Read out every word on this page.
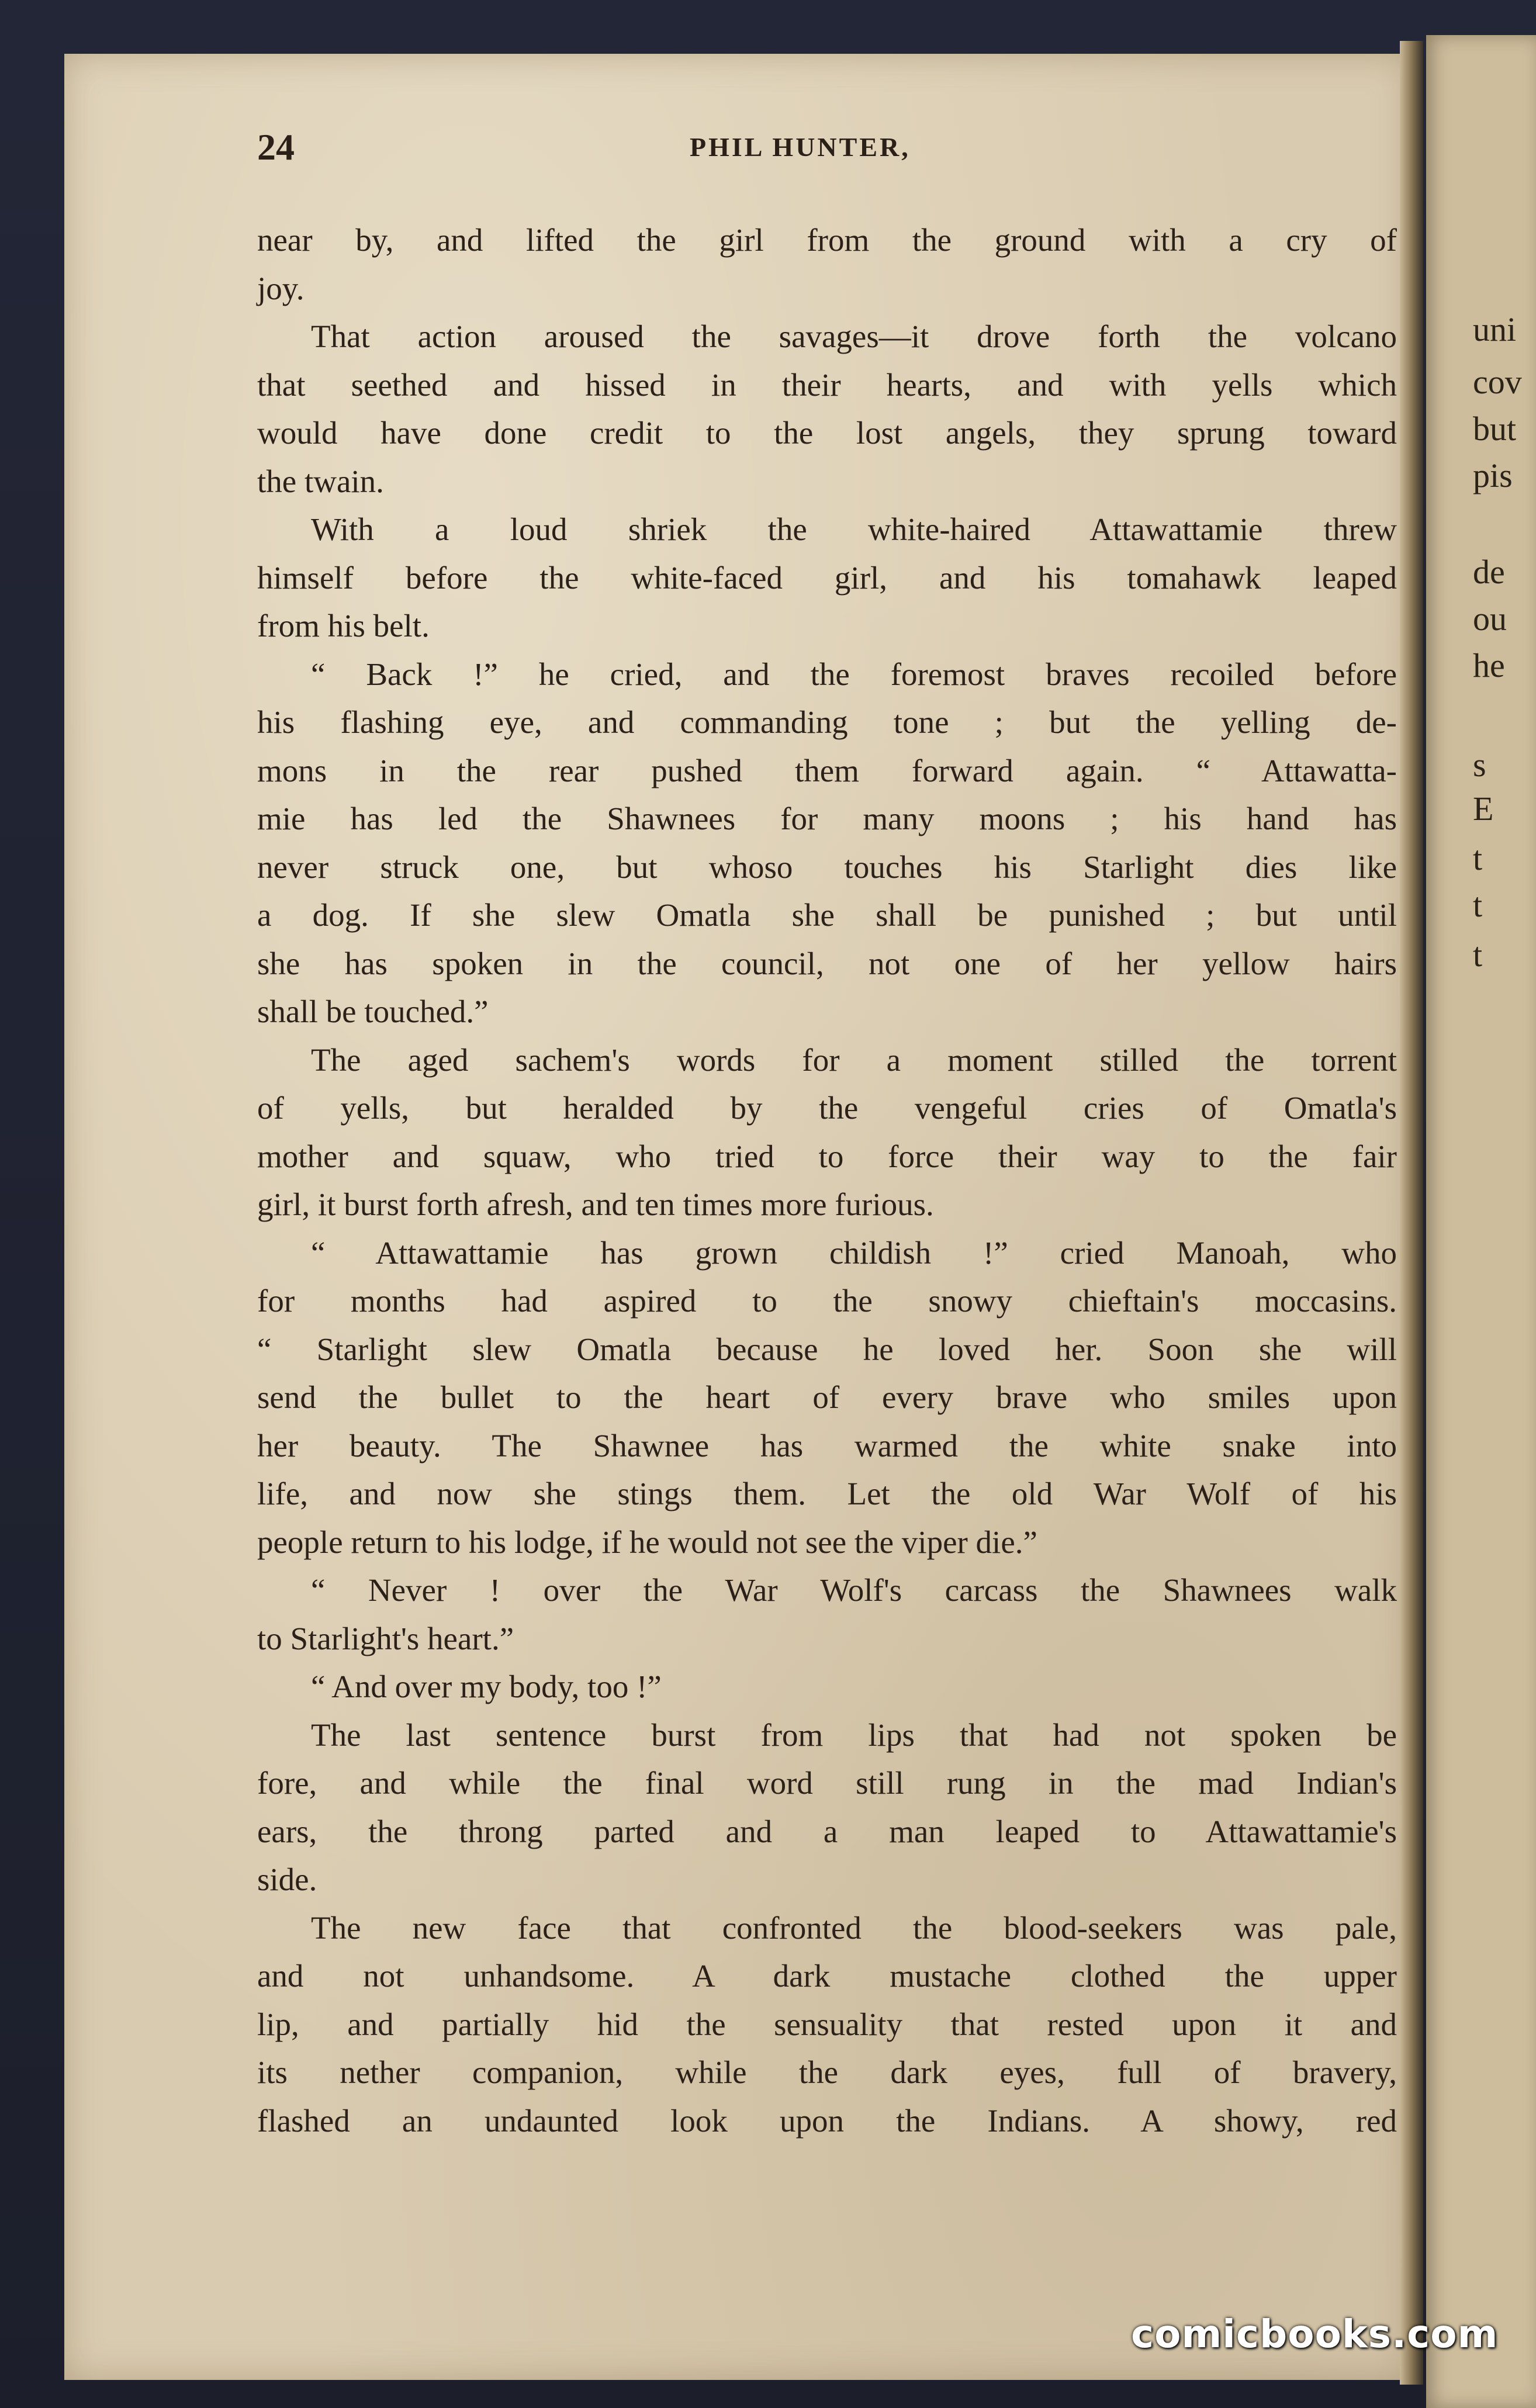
uni
cov
but
pis
de
ou
he
s
E
t
t
t
24	PHIL HUNTER,
near by, and lifted the girl from the ground with a cry of
joy.
That action aroused the savages—it drove forth the volcano
that seethed and hissed in their hearts, and with yells which
would have done credit to the lost angels, they sprung toward
the twain.
With a loud shriek the white-haired Attawattamie threw
himself before the white-faced girl, and his tomahawk leaped
from his belt.
“ Back !” he cried, and the foremost braves recoiled before
his flashing eye, and commanding tone ; but the yelling de-
mons in the rear pushed them forward again. “ Attawatta-
mie has led the Shawnees for many moons ; his hand has
never struck one, but whoso touches his Starlight dies like
a dog. If she slew Omatla she shall be punished ; but until
she has spoken in the council, not one of her yellow hairs
shall be touched.”
The aged sachem's words for a moment stilled the torrent
of yells, but heralded by the vengeful cries of Omatla's
mother and squaw, who tried to force their way to the fair
girl, it burst forth afresh, and ten times more furious.
“ Attawattamie has grown childish !” cried Manoah, who
for months had aspired to the snowy chieftain's moccasins.
“ Starlight slew Omatla because he loved her. Soon she will
send the bullet to the heart of every brave who smiles upon
her beauty. The Shawnee has warmed the white snake into
life, and now she stings them. Let the old War Wolf of his
people return to his lodge, if he would not see the viper die.”
“ Never ! over the War Wolf's carcass the Shawnees walk
to Starlight's heart.”
“ And over my body, too !”
The last sentence burst from lips that had not spoken be
fore, and while the final word still rung in the mad Indian's
ears, the throng parted and a man leaped to Attawattamie's
side.
The new face that confronted the blood-seekers was pale,
and not unhandsome. A dark mustache clothed the upper
lip, and partially hid the sensuality that rested upon it and
its nether companion, while the dark eyes, full of bravery,
flashed an undaunted look upon the Indians. A showy, red
comicbooks.com
